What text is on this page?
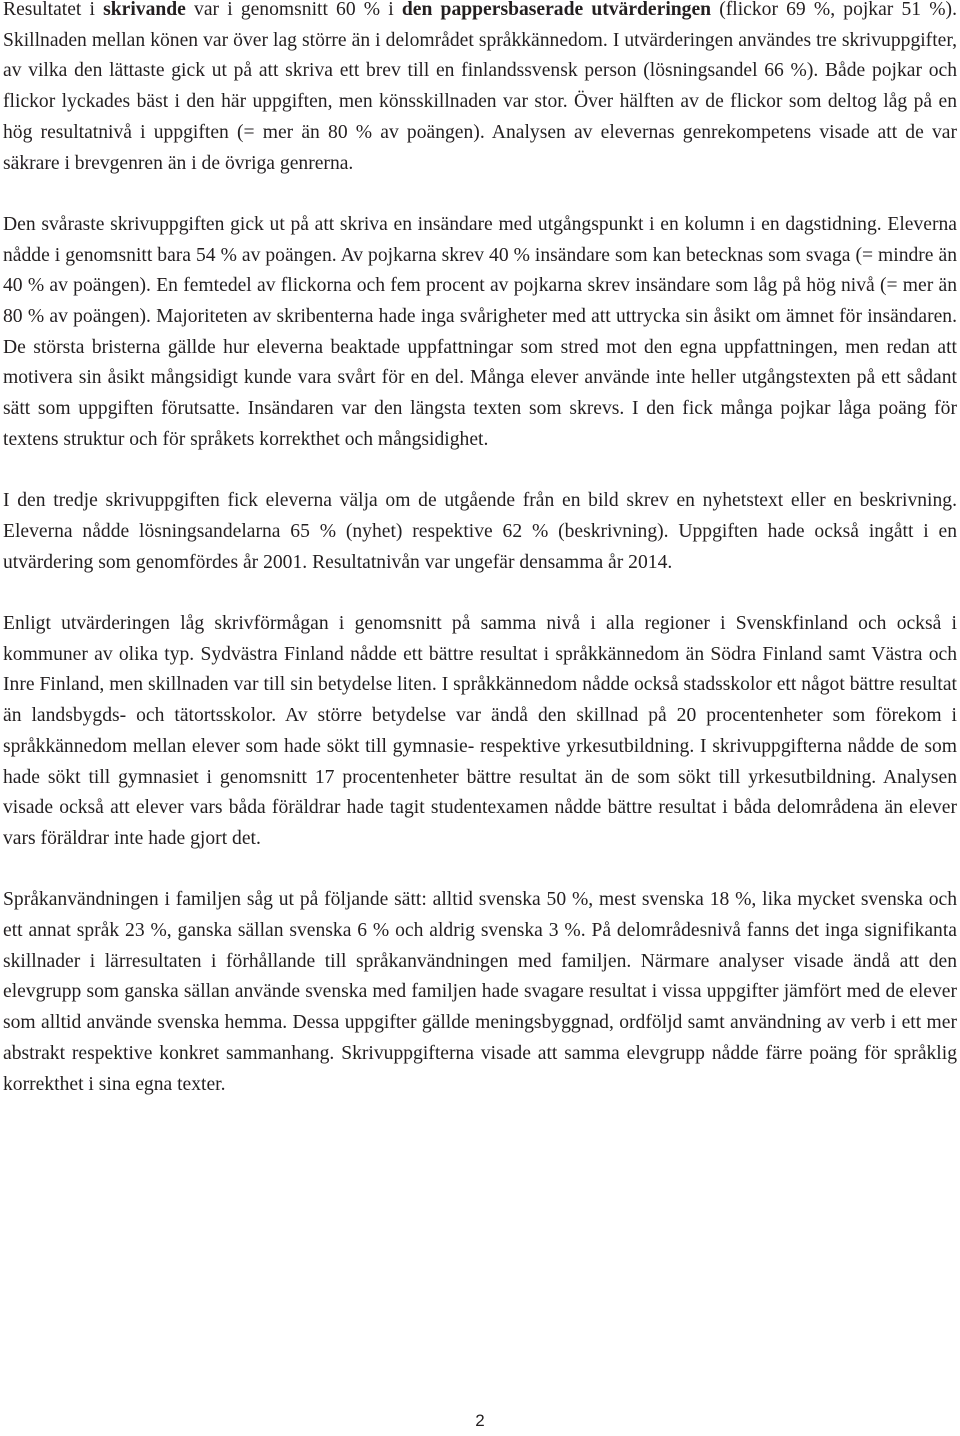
Resultatet i skrivande var i genomsnitt 60 % i den pappersbaserade utvärderingen (flickor 69 %, pojkar 51 %). Skillnaden mellan könen var över lag större än i delområdet språkkännedom. I utvärderingen användes tre skrivuppgifter, av vilka den lättaste gick ut på att skriva ett brev till en finlandssvensk person (lösningsandel 66 %). Både pojkar och flickor lyckades bäst i den här uppgiften, men könsskillnaden var stor. Över hälften av de flickor som deltog låg på en hög resultatnivå i uppgiften (= mer än 80 % av poängen). Analysen av elevernas genrekompetens visade att de var säkrare i brevgenren än i de övriga genrerna.

Den svåraste skrivuppgiften gick ut på att skriva en insändare med utgångspunkt i en kolumn i en dagstidning. Eleverna nådde i genomsnitt bara 54 % av poängen. Av pojkarna skrev 40 % insändare som kan betecknas som svaga (= mindre än 40 % av poängen). En femtedel av flickorna och fem procent av pojkarna skrev insändare som låg på hög nivå (= mer än 80 % av poängen). Majoriteten av skribenterna hade inga svårigheter med att uttrycka sin åsikt om ämnet för insändaren. De största bristerna gällde hur eleverna beaktade uppfattningar som stred mot den egna uppfattningen, men redan att motivera sin åsikt mångsidigt kunde vara svårt för en del. Många elever använde inte heller utgångstexten på ett sådant sätt som uppgiften förutsatte. Insändaren var den längsta texten som skrevs. I den fick många pojkar låga poäng för textens struktur och för språkets korrekthet och mångsidighet.

I den tredje skrivuppgiften fick eleverna välja om de utgående från en bild skrev en nyhetstext eller en beskrivning. Eleverna nådde lösningsandelarna 65 % (nyhet) respektive 62 % (beskrivning). Uppgiften hade också ingått i en utvärdering som genomfördes år 2001. Resultatnivån var ungefär densamma år 2014.

Enligt utvärderingen låg skrivförmågan i genomsnitt på samma nivå i alla regioner i Svenskfinland och också i kommuner av olika typ. Sydvästra Finland nådde ett bättre resultat i språkkännedom än Södra Finland samt Västra och Inre Finland, men skillnaden var till sin betydelse liten. I språkkännedom nådde också stadsskolor ett något bättre resultat än landsbygds- och tätortsskolor. Av större betydelse var ändå den skillnad på 20 procentenheter som förekom i språkkännedom mellan elever som hade sökt till gymnasie- respektive yrkesutbildning. I skrivuppgifterna nådde de som hade sökt till gymnasiet i genomsnitt 17 procentenheter bättre resultat än de som sökt till yrkesutbildning. Analysen visade också att elever vars båda föräldrar hade tagit studentexamen nådde bättre resultat i båda delområdena än elever vars föräldrar inte hade gjort det.

Språkanvändningen i familjen såg ut på följande sätt: alltid svenska 50 %, mest svenska 18 %, lika mycket svenska och ett annat språk 23 %, ganska sällan svenska 6 % och aldrig svenska 3 %. På delområdesnivå fanns det inga signifikanta skillnader i lärresultaten i förhållande till språkanvändningen med familjen. Närmare analyser visade ändå att den elevgrupp som ganska sällan använde svenska med familjen hade svagare resultat i vissa uppgifter jämfört med de elever som alltid använde svenska hemma. Dessa uppgifter gällde meningsbyggnad, ordföljd samt användning av verb i ett mer abstrakt respektive konkret sammanhang. Skrivuppgifterna visade att samma elevgrupp nådde färre poäng för språklig korrekthet i sina egna texter.

2
